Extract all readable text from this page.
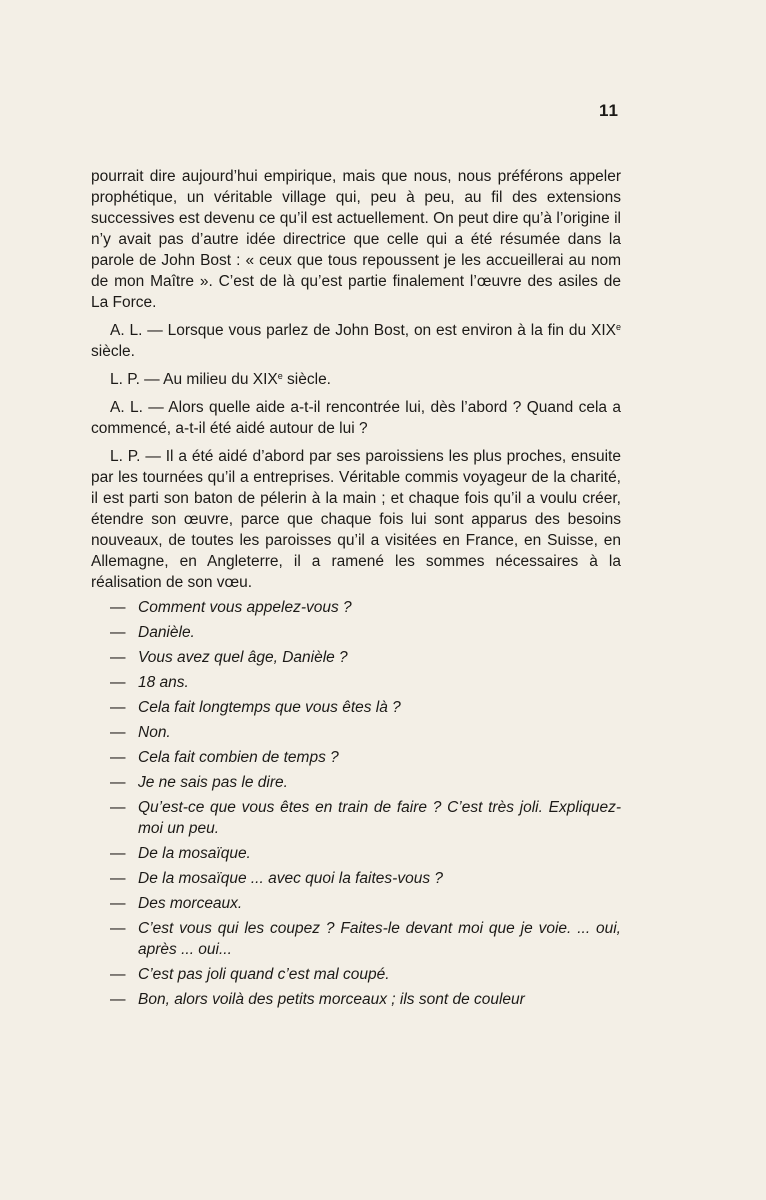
11

pourrait dire aujourd’hui empirique, mais que nous, nous préférons appeler prophétique, un véritable village qui, peu à peu, au fil des extensions successives est devenu ce qu’il est actuellement. On peut dire qu’à l’origine il n’y avait pas d’autre idée directrice que celle qui a été résumée dans la parole de John Bost : « ceux que tous repoussent je les accueillerai au nom de mon Maître ». C’est de là qu’est partie finalement l’œuvre des asiles de La Force.

A. L. — Lorsque vous parlez de John Bost, on est environ à la fin du XIXe siècle.

L. P. — Au milieu du XIXe siècle.

A. L. — Alors quelle aide a-t-il rencontrée lui, dès l’abord ? Quand cela a commencé, a-t-il été aidé autour de lui ?

L. P. — Il a été aidé d’abord par ses paroissiens les plus proches, ensuite par les tournées qu’il a entreprises. Véritable commis voyageur de la charité, il est parti son baton de pélerin à la main ; et chaque fois qu’il a voulu créer, étendre son œuvre, parce que chaque fois lui sont apparus des besoins nouveaux, de toutes les paroisses qu’il a visitées en France, en Suisse, en Allemagne, en Angleterre, il a ramené les sommes nécessaires à la réalisation de son vœu.

— Comment vous appelez-vous ?
— Danièle.
— Vous avez quel âge, Danièle ?
— 18 ans.
— Cela fait longtemps que vous êtes là ?
— Non.
— Cela fait combien de temps ?
— Je ne sais pas le dire.
— Qu’est-ce que vous êtes en train de faire ? C’est très joli. Expliquez-moi un peu.
— De la mosaïque.
— De la mosaïque ... avec quoi la faites-vous ?
— Des morceaux.
— C’est vous qui les coupez ? Faites-le devant moi que je voie. ... oui, après ... oui...
— C’est pas joli quand c’est mal coupé.
— Bon, alors voilà des petits morceaux ; ils sont de couleur
